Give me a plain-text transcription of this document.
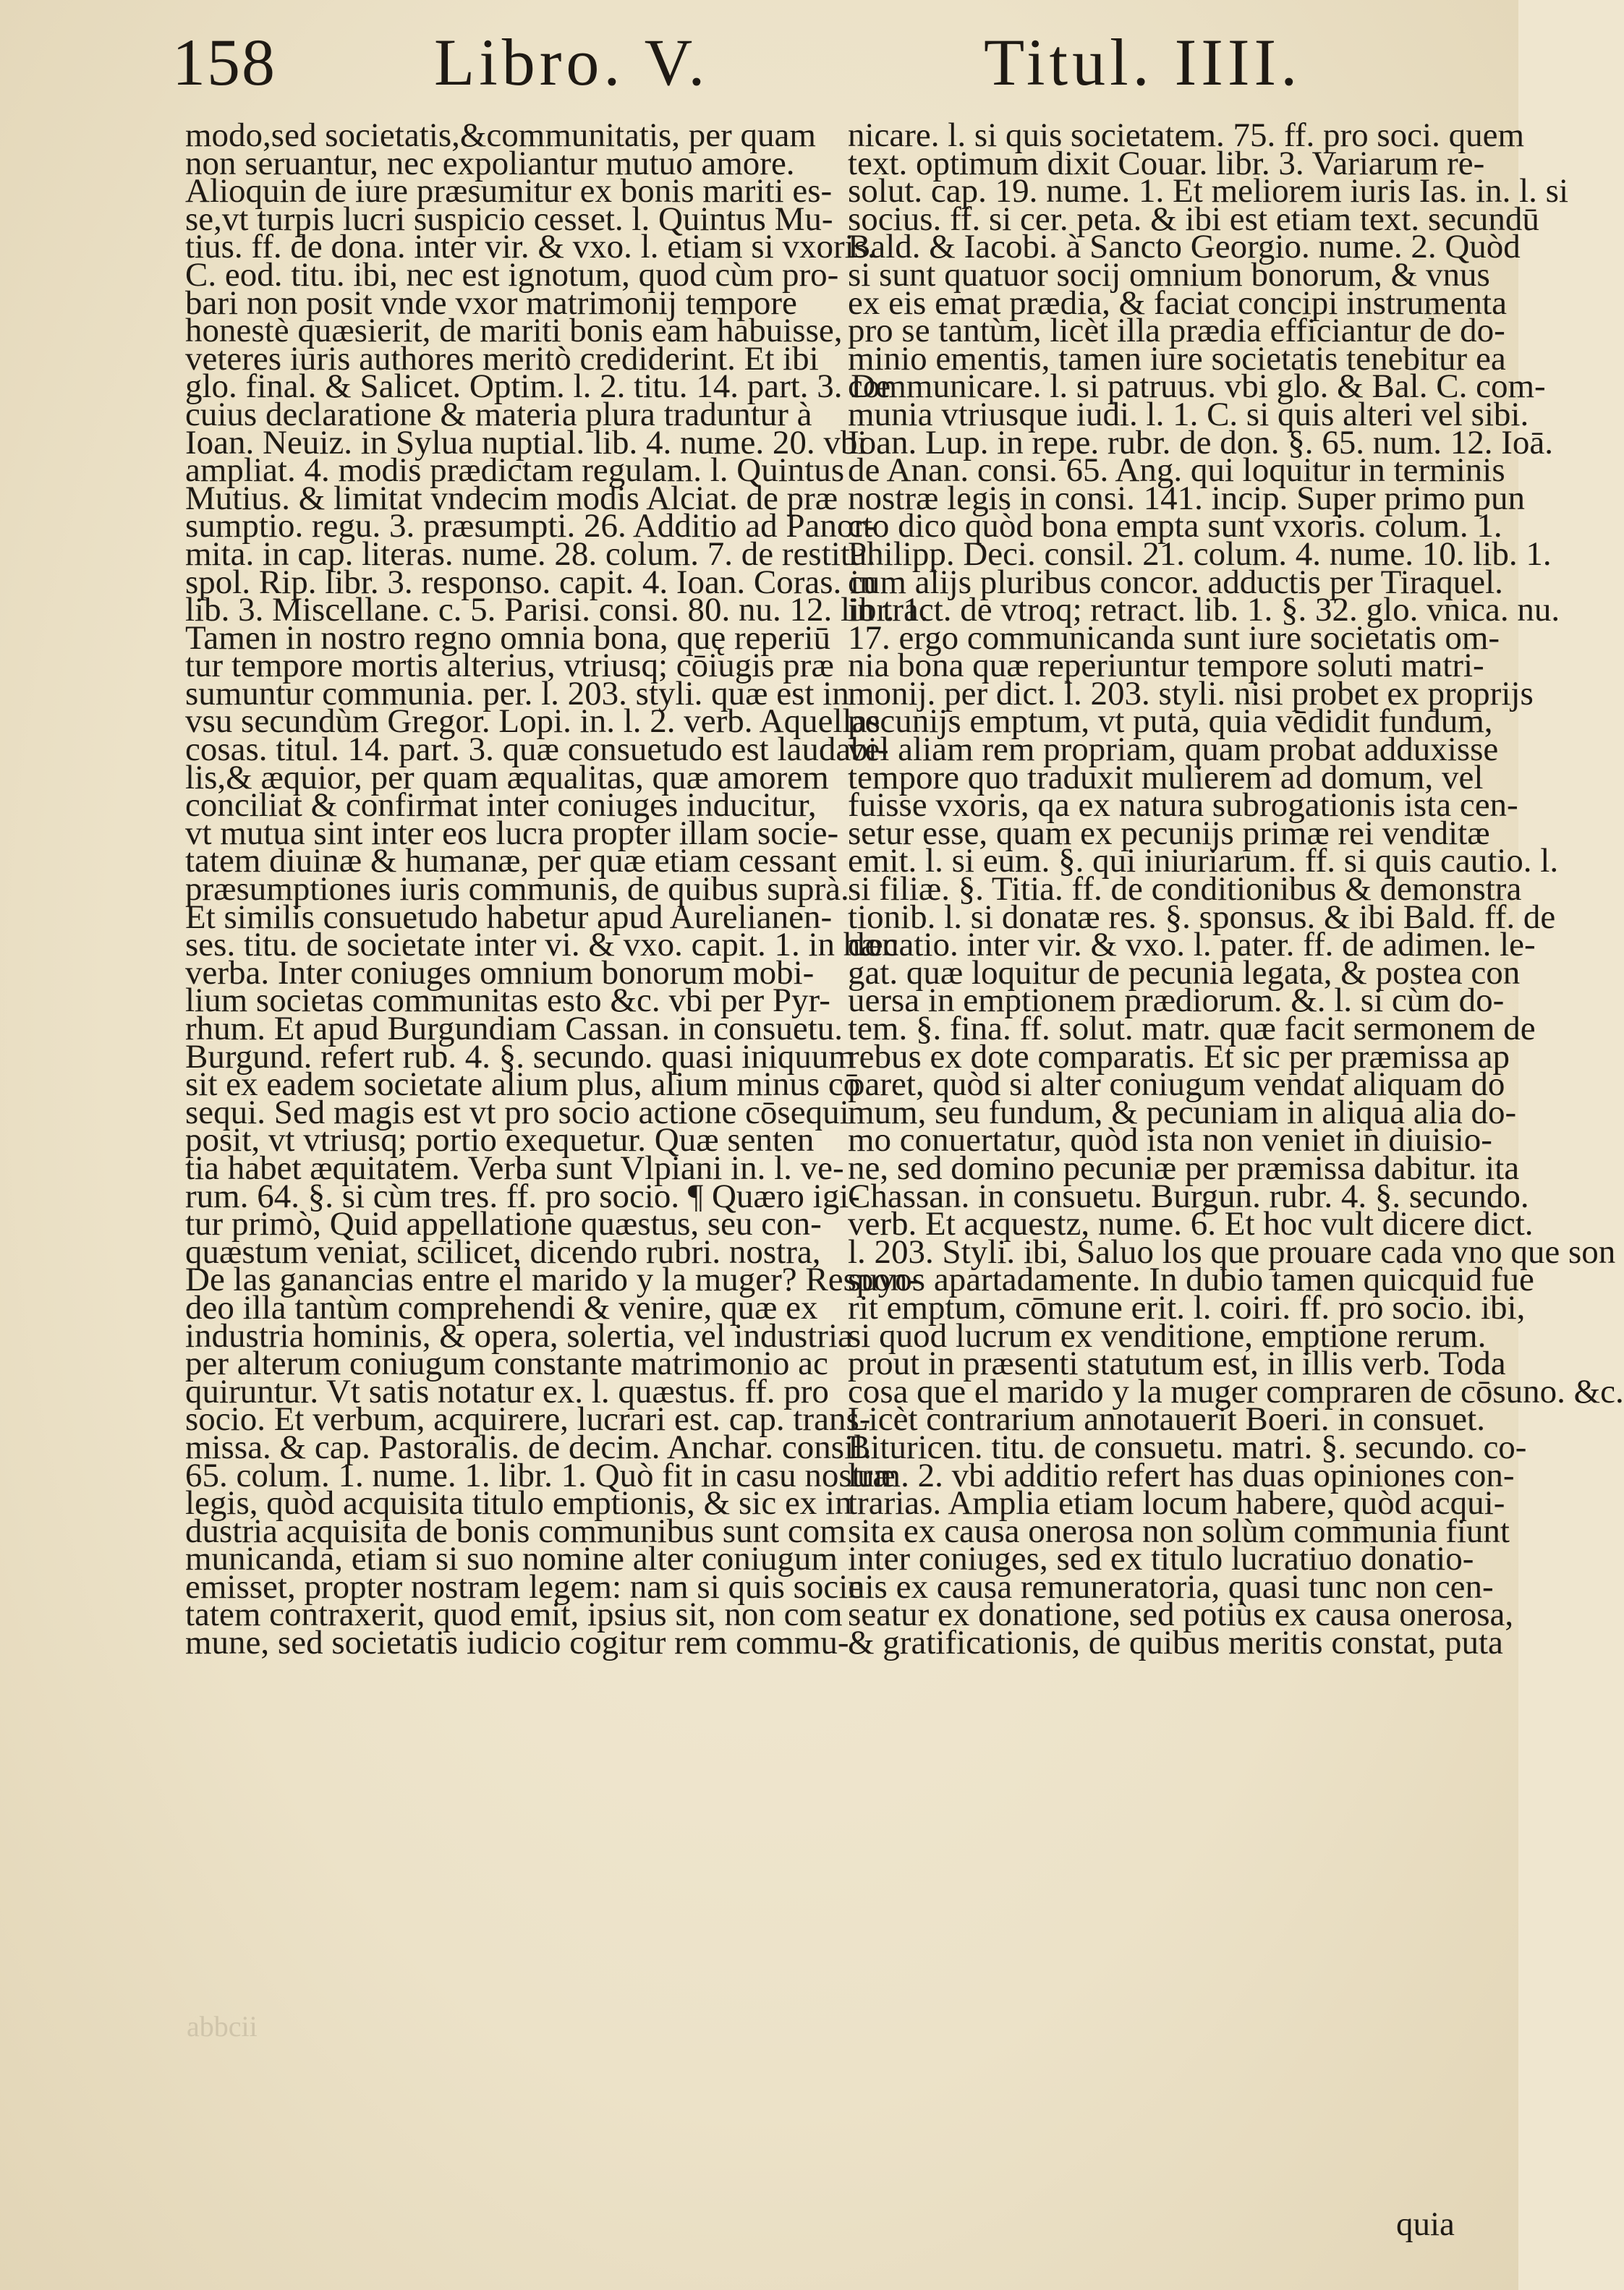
158 Libro. V.	Titul. IIII.
modo,sed societatis,&communitatis, per quam
non seruantur, nec expoliantur mutuo amore.
Alioquin de iure præsumitur ex bonis mariti es-
se,vt turpis lucri suspicio cesset. l. Quintus Mu-
tius. ff. de dona. inter vir. & vxo. l. etiam si vxoris.
C. eod. titu. ibi, nec est ignotum, quod cùm pro-
bari non posit vnde vxor matrimonij tempore
honestè quæsierit, de mariti bonis eam habuisse,
veteres iuris authores meritò crediderint. Et ibi
glo. final. & Salicet. Optim. l. 2. titu. 14. part. 3. De
cuius declaratione & materia plura traduntur à
Ioan. Neuiz. in Sylua nuptial. lib. 4. nume. 20. vbi
ampliat. 4. modis prædictam regulam. l. Quintus
Mutius. & limitat vndecim modis Alciat. de præ
sumptio. regu. 3. præsumpti. 26. Additio ad Panor-
mita. in cap. literas. nume. 28. colum. 7. de restitu.
spol. Rip. libr. 3. responso. capit. 4. Ioan. Coras. in
lib. 3. Miscellane. c. 5. Parisi. consi. 80. nu. 12. libr. 1.
Tamen in nostro regno omnia bona, quę reperiū
tur tempore mortis alterius, vtriusq; cōiugis præ
sumuntur communia. per. l. 203. styli. quæ est in
vsu secundùm Gregor. Lopi. in. l. 2. verb. Aquellas
cosas. titul. 14. part. 3. quæ consuetudo est laudabi-
lis,& æquior, per quam æqualitas, quæ amorem
conciliat & confirmat inter coniuges inducitur,
vt mutua sint inter eos lucra propter illam socie-
tatem diuinæ & humanæ, per quæ etiam cessant
præsumptiones iuris communis, de quibus suprà.
Et similis consuetudo habetur apud Aurelianen-
ses. titu. de societate inter vi. & vxo. capit. 1. in hæc
verba. Inter coniuges omnium bonorum mobi-
lium societas communitas esto &c. vbi per Pyr-
rhum. Et apud Burgundiam Cassan. in consuetu.
Burgund. refert rub. 4. §. secundo. quasi iniquum
sit ex eadem societate alium plus, alium minus cō
sequi. Sed magis est vt pro socio actione cōsequi
posit, vt vtriusq; portio exequetur. Quæ senten
tia habet æquitatem. Verba sunt Vlpiani in. l. ve-
rum. 64. §. si cùm tres. ff. pro socio. ¶ Quæro igi-
tur primò, Quid appellatione quæstus, seu con-
quæstum veniat, scilicet, dicendo rubri. nostra,
De las ganancias entre el marido y la muger? Respon-
deo illa tantùm comprehendi & venire, quæ ex
industria hominis, & opera, solertia, vel industria
per alterum coniugum constante matrimonio ac
quiruntur. Vt satis notatur ex. l. quæstus. ff. pro
socio. Et verbum, acquirere, lucrari est. cap. trans-
missa. & cap. Pastoralis. de decim. Anchar. consil.
65. colum. 1. nume. 1. libr. 1. Quò fit in casu nostræ
legis, quòd acquisita titulo emptionis, & sic ex in
dustria acquisita de bonis communibus sunt com
municanda, etiam si suo nomine alter coniugum
emisset, propter nostram legem: nam si quis socie
tatem contraxerit, quod emit, ipsius sit, non com
mune, sed societatis iudicio cogitur rem commu-
nicare. l. si quis societatem. 75. ff. pro soci. quem
text. optimum dixit Couar. libr. 3. Variarum re-
solut. cap. 19. nume. 1. Et meliorem iuris Ias. in. l. si
socius. ff. si cer. peta. & ibi est etiam text. secundū
Bald. & Iacobi. à Sancto Georgio. nume. 2. Quòd
si sunt quatuor socij omnium bonorum, & vnus
ex eis emat prædia, & faciat concipi instrumenta
pro se tantùm, licèt illa prædia efficiantur de do-
minio ementis, tamen iure societatis tenebitur ea
communicare. l. si patruus. vbi glo. & Bal. C. com-
munia vtriusque iudi. l. 1. C. si quis alteri vel sibi.
Ioan. Lup. in repe. rubr. de don. §. 65. num. 12. Ioā.
de Anan. consi. 65. Ang. qui loquitur in terminis
nostræ legis in consi. 141. incip. Super primo pun
cto dico quòd bona empta sunt vxoris. colum. 1.
Philipp. Deci. consil. 21. colum. 4. nume. 10. lib. 1.
cum alijs pluribus concor. adductis per Tiraquel.
in tract. de vtroq; retract. lib. 1. §. 32. glo. vnica. nu.
17. ergo communicanda sunt iure societatis om-
nia bona quæ reperiuntur tempore soluti matri-
monij. per dict. l. 203. styli. nisi probet ex proprijs
pecunijs emptum, vt puta, quia vēdidit fundum,
vel aliam rem propriam, quam probat adduxisse
tempore quo traduxit mulierem ad domum, vel
fuisse vxoris, qa ex natura subrogationis ista cen-
setur esse, quam ex pecunijs primæ rei venditæ
emit. l. si eum. §. qui iniuriarum. ff. si quis cautio. l.
si filiæ. §. Titia. ff. de conditionibus & demonstra
tionib. l. si donatæ res. §. sponsus. & ibi Bald. ff. de
donatio. inter vir. & vxo. l. pater. ff. de adimen. le-
gat. quæ loquitur de pecunia legata, & postea con
uersa in emptionem prædiorum. &. l. si cùm do-
tem. §. fina. ff. solut. matr. quæ facit sermonem de
rebus ex dote comparatis. Et sic per præmissa ap
paret, quòd si alter coniugum vendat aliquam do
mum, seu fundum, & pecuniam in aliqua alia do-
mo conuertatur, quòd ista non veniet in diuisio-
ne, sed domino pecuniæ per præmissa dabitur. ita
Chassan. in consuetu. Burgun. rubr. 4. §. secundo.
verb. Et acquestz, nume. 6. Et hoc vult dicere dict.
l. 203. Styli. ibi, Saluo los que prouare cada vno que son
suyos apartadamente. In dubio tamen quicquid fue
rit emptum, cōmune erit. l. coiri. ff. pro socio. ibi,
si quod lucrum ex venditione, emptione rerum.
prout in præsenti statutum est, in illis verb. Toda
cosa que el marido y la muger compraren de cōsuno. &c.
Licèt contrarium annotauerit Boeri. in consuet.
Bituricen. titu. de consuetu. matri. §. secundo. co-
lum. 2. vbi additio refert has duas opiniones con-
trarias. Amplia etiam locum habere, quòd acqui-
sita ex causa onerosa non solùm communia fiunt
inter coniuges, sed ex titulo lucratiuo donatio-
nis ex causa remuneratoria, quasi tunc non cen-
seatur ex donatione, sed potiùs ex causa onerosa,
& gratificationis, de quibus meritis constat, puta
abbcii
quia
